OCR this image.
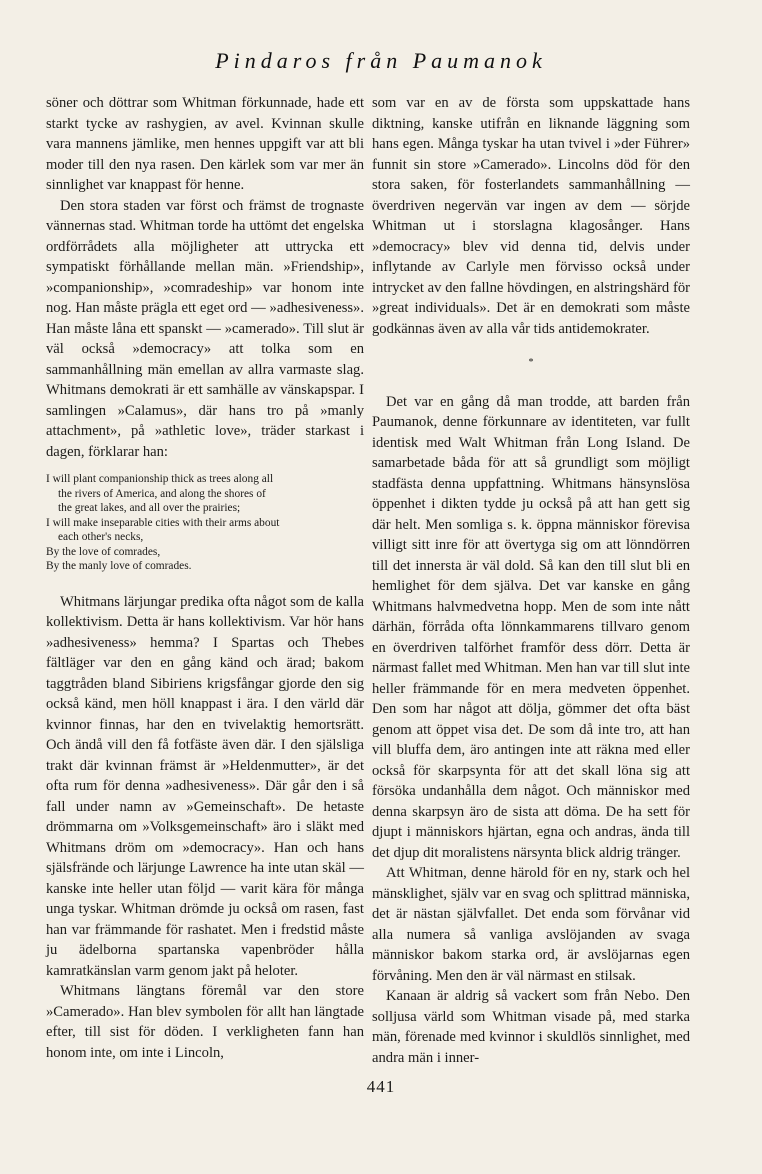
Pindaros från Paumanok

söner och döttrar som Whitman förkunnade, hade ett starkt tycke av rashygien, av avel. Kvinnan skulle vara mannens jämlike, men hennes uppgift var att bli moder till den nya rasen. Den kärlek som var mer än sinnlighet var knappast för henne.

Den stora staden var först och främst de trognaste vännernas stad. Whitman torde ha uttömt det engelska ordförrådets alla möjligheter att uttrycka ett sympatiskt förhållande mellan män. »Friendship», »companionship», »comradeship» var honom inte nog. Han måste prägla ett eget ord — »adhesiveness». Han måste låna ett spanskt — »camerado». Till slut är väl också »democracy» att tolka som en sammanhållning män emellan av allra varmaste slag. Whitmans demokrati är ett samhälle av vänskapspar. I samlingen »Calamus», där hans tro på »manly attachment», på »athletic love», träder starkast i dagen, förklarar han:

I will plant companionship thick as trees along all
the rivers of America, and along the shores of
the great lakes, and all over the prairies;
I will make inseparable cities with their arms about
each other's necks,
By the love of comrades,
By the manly love of comrades.

Whitmans lärjungar predika ofta något som de kalla kollektivism. Detta är hans kollektivism. Var hör hans »adhesiveness» hemma? I Spartas och Thebes fältläger var den en gång känd och ärad; bakom taggtråden bland Sibiriens krigsfångar gjorde den sig också känd, men höll knappast i ära. I den värld där kvinnor finnas, har den en tvivelaktig hemortsrätt. Och ändå vill den få fotfäste även där. I den själsliga trakt där kvinnan främst är »Heldenmutter», är det ofta rum för denna »adhesiveness». Där går den i så fall under namn av »Gemeinschaft». De hetaste drömmarna om »Volksgemeinschaft» äro i släkt med Whitmans dröm om »democracy». Han och hans själsfrände och lärjunge Lawrence ha inte utan skäl — kanske inte heller utan följd — varit kära för många unga tyskar. Whitman drömde ju också om rasen, fast han var främmande för rashatet. Men i fredstid måste ju ädelborna spartanska vapenbröder hålla kamratkänslan varm genom jakt på heloter.

Whitmans längtans föremål var den store »Camerado». Han blev symbolen för allt han längtade efter, till sist för döden. I verkligheten fann han honom inte, om inte i Lincoln,

som var en av de första som uppskattade hans diktning, kanske utifrån en liknande läggning som hans egen. Många tyskar ha utan tvivel i »der Führer» funnit sin store »Camerado». Lincolns död för den stora saken, för fosterlandets sammanhållning — överdriven negervän var ingen av dem — sörjde Whitman ut i storslagna klagosånger. Hans »democracy» blev vid denna tid, delvis under inflytande av Carlyle men förvisso också under intrycket av den fallne hövdingen, en alstringshärd för »great individuals». Det är en demokrati som måste godkännas även av alla vår tids antidemokrater.

*

Det var en gång då man trodde, att barden från Paumanok, denne förkunnare av identiteten, var fullt identisk med Walt Whitman från Long Island. De samarbetade båda för att så grundligt som möjligt stadfästa denna uppfattning. Whitmans hänsynslösa öppenhet i dikten tydde ju också på att han gett sig där helt. Men somliga s. k. öppna människor förevisa villigt sitt inre för att övertyga sig om att lönndörren till det innersta är väl dold. Så kan den till slut bli en hemlighet för dem själva. Det var kanske en gång Whitmans halvmedvetna hopp. Men de som inte nått därhän, förråda ofta lönnkammarens tillvaro genom en överdriven talförhet framför dess dörr. Detta är närmast fallet med Whitman. Men han var till slut inte heller främmande för en mera medveten öppenhet. Den som har något att dölja, gömmer det ofta bäst genom att öppet visa det. De som då inte tro, att han vill bluffa dem, äro antingen inte att räkna med eller också för skarpsynta för att det skall löna sig att försöka undanhålla dem något. Och människor med denna skarpsyn äro de sista att döma. De ha sett för djupt i människors hjärtan, egna och andras, ända till det djup dit moralistens närsynta blick aldrig tränger.

Att Whitman, denne härold för en ny, stark och hel mänsklighet, själv var en svag och splittrad människa, det är nästan självfallet. Det enda som förvånar vid alla numera så vanliga avslöjanden av svaga människor bakom starka ord, är avslöjarnas egen förvåning. Men den är väl närmast en stilsak.

Kanaan är aldrig så vackert som från Nebo. Den solljusa värld som Whitman visade på, med starka män, förenade med kvinnor i skuldlös sinnlighet, med andra män i inner-

441
